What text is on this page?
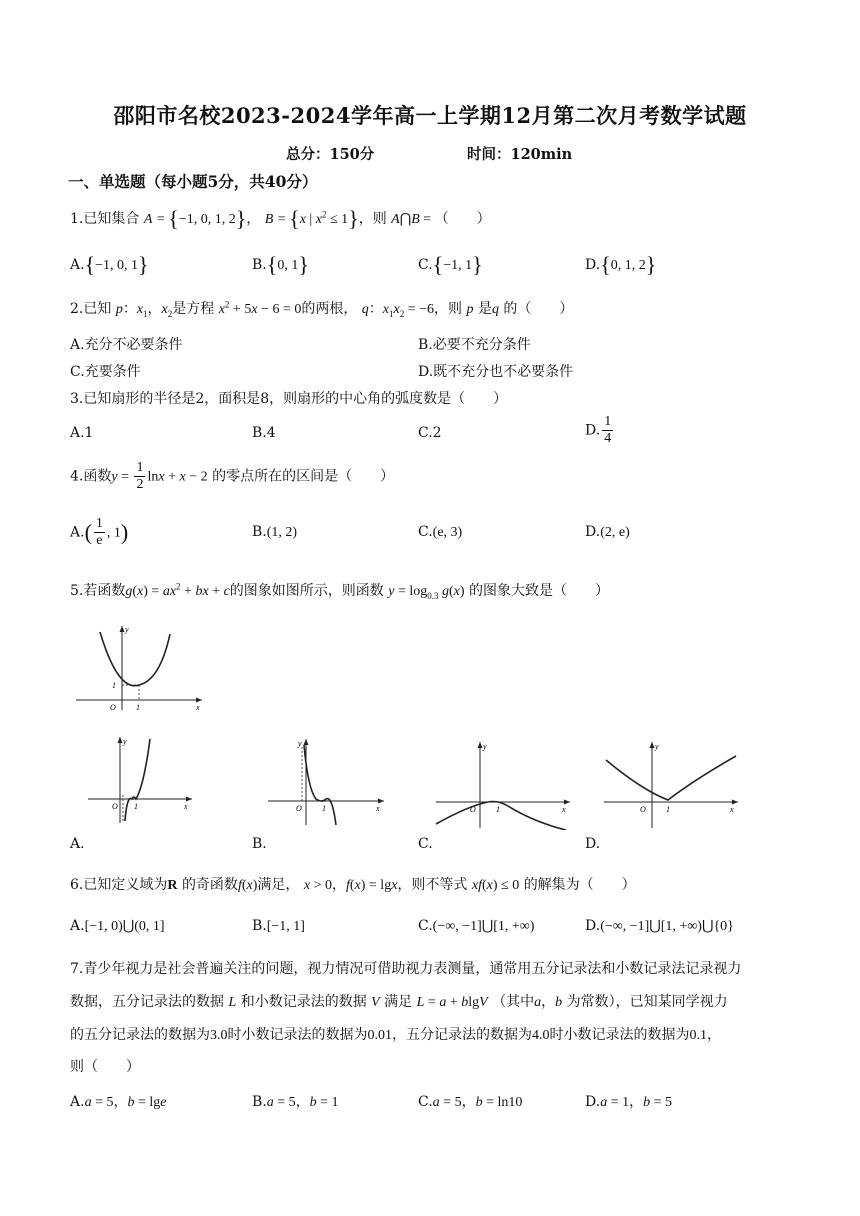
邵阳市名校2023-2024学年高一上学期12月第二次月考数学试题
总分：150分	时间：120min
一、单选题（每小题5分，共40分）
1.已知集合 A = {−1, 0, 1, 2}， B = {x | $x^2 \le 1$}，则 A⋂B = （　　）
A.{−1, 0, 1}	B.{0, 1}	C.{−1, 1}	D.{0, 1, 2}
2.已知 p：$x_1$，$x_2$是方程 $x^2 + 5x - 6 = 0$的两根， q：$x_1x_2 = -6$，则 p 是q 的（　　）
A.充分不必要条件	B.必要不充分条件
C.充要条件	D.既不充分也不必要条件
3.已知扇形的半径是2，面积是8，则扇形的中心角的弧度数是（　　）
A.1	B.4	C.2	D. $\frac{1}{4}$
4.函数$y = \frac{1}{2}$ lnx + x − 2 的零点所在的区间是（　　）
$A.( \frac{1}{e}$ , 1)	B.(1, 2)	C.(e, 3)	D.(2, e)
5.若函数$g(x) = ax^2$ + bx + c的图象如图所示，则函数 $y = \log_{0.3} g(x)$ 的图象大致是（　　）
y
x
O	1
1
y
x
O 1
A.
y
x
O	1
B.
y
x
O	1
C.
y
x
O	1
D.
6.已知定义域为R 的奇函数f(x)满足， x > 0，f(x) = lgx，则不等式 xf(x) ≤ 0 的解集为（　　）
A.[−1, 0)⋃(0, 1]	B.[−1, 1]	C.(−∞, −1]⋃[1, +∞)	D.(−∞, −1]⋃[1, +∞)⋃{0}
7.青少年视力是社会普遍关注的问题，视力情况可借助视力表测量，通常用五分记录法和小数记录法记录视力
数据，五分记录法的数据 L 和小数记录法的数据 V 满足 L = a + blgV （其中a，b 为常数），已知某同学视力
的五分记录法的数据为3.0时小数记录法的数据为0.01，五分记录法的数据为4.0时小数记录法的数据为0.1，
则（　　）
A.a = 5，b = lge	B.a = 5，b = 1	C.a = 5，b = ln10	D.a = 1，b = 5
